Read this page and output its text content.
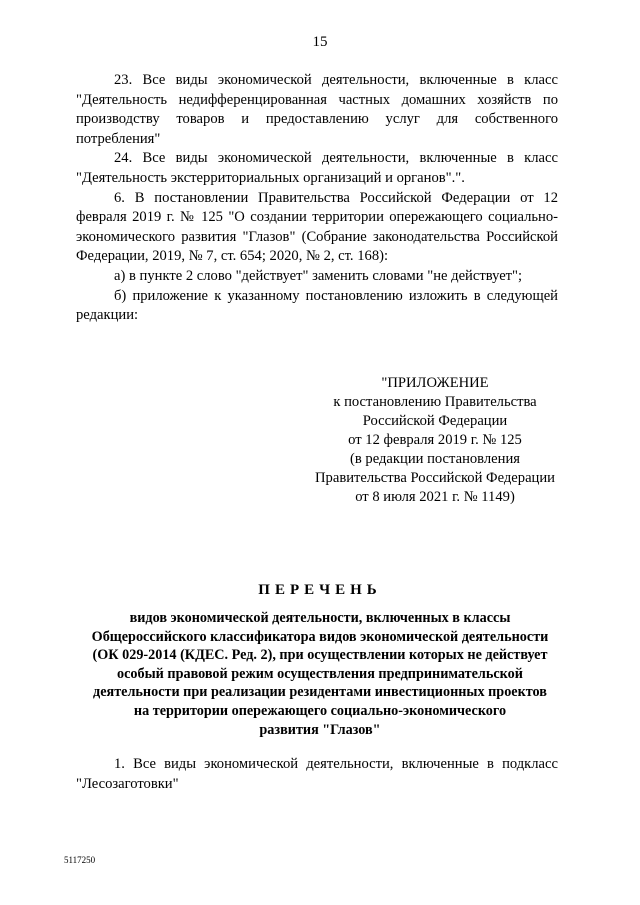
15

23. Все виды экономической деятельности, включенные в класс "Деятельность недифференцированная частных домашних хозяйств по производству товаров и предоставлению услуг для собственного потребления"

24. Все виды экономической деятельности, включенные в класс "Деятельность экстерриториальных организаций и органов".".

6. В постановлении Правительства Российской Федерации от 12 февраля 2019 г. № 125 "О создании территории опережающего социально-экономического развития "Глазов" (Собрание законодательства Российской Федерации, 2019, № 7, ст. 654; 2020, № 2, ст. 168):

а) в пункте 2 слово "действует" заменить словами "не действует";

б) приложение к указанному постановлению изложить в следующей редакции:

"ПРИЛОЖЕНИЕ
к постановлению Правительства
Российской Федерации
от 12 февраля 2019 г. № 125
(в редакции постановления
Правительства Российской Федерации
от 8 июля 2021 г. № 1149)
ПЕРЕЧЕНЬ
видов экономической деятельности, включенных в классы
Общероссийского классификатора видов экономической деятельности
(ОК 029-2014 (КДЕС. Ред. 2), при осуществлении которых не действует
особый правовой режим осуществления предпринимательской
деятельности при реализации резидентами инвестиционных проектов
на территории опережающего социально-экономического
развития "Глазов"

1. Все виды экономической деятельности, включенные в подкласс "Лесозаготовки"

5117250
